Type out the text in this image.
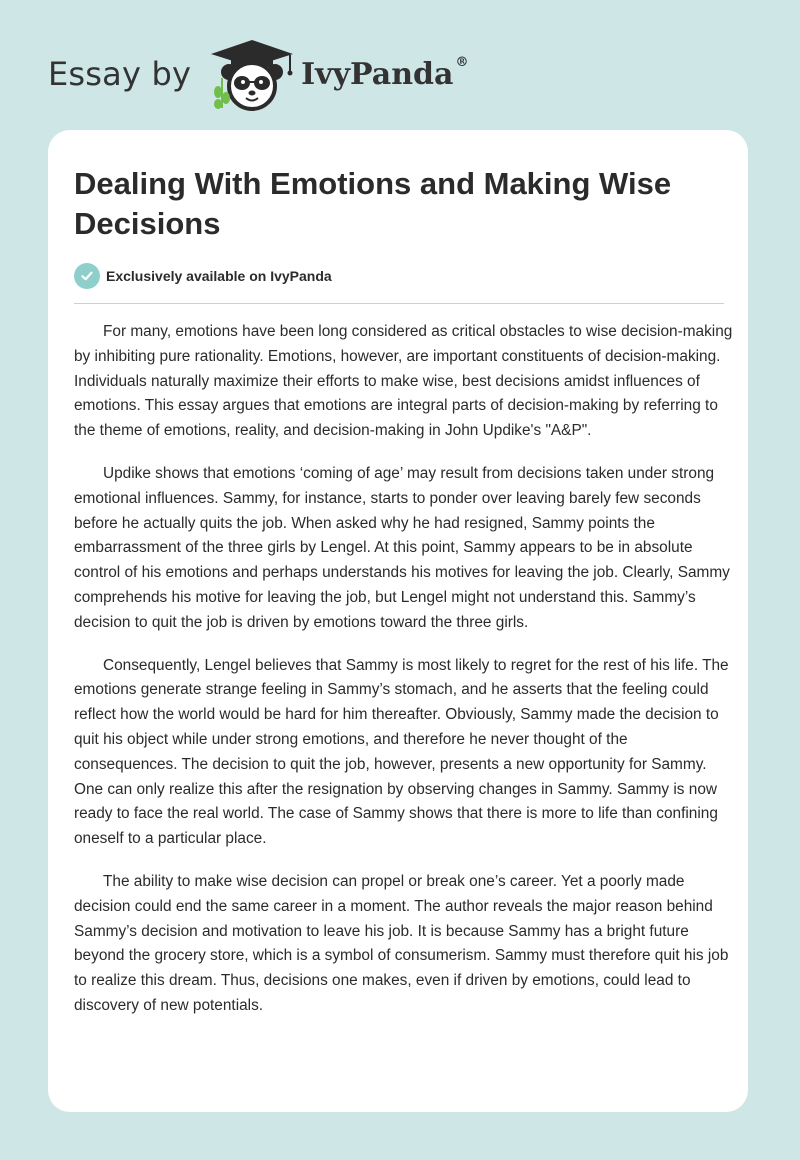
Essay by	IvyPanda ®
Dealing With Emotions and Making Wise Decisions
Exclusively available on IvyPanda

For many, emotions have been long considered as critical obstacles to wise decision-making by inhibiting pure rationality. Emotions, however, are important constituents of decision-making. Individuals naturally maximize their efforts to make wise, best decisions amidst influences of emotions. This essay argues that emotions are integral parts of decision-making by referring to the theme of emotions, reality, and decision-making in John Updike's "A&P".

Updike shows that emotions ‘coming of age’ may result from decisions taken under strong emotional influences. Sammy, for instance, starts to ponder over leaving barely few seconds before he actually quits the job. When asked why he had resigned, Sammy points the embarrassment of the three girls by Lengel. At this point, Sammy appears to be in absolute control of his emotions and perhaps understands his motives for leaving the job. Clearly, Sammy comprehends his motive for leaving the job, but Lengel might not understand this. Sammy’s decision to quit the job is driven by emotions toward the three girls.

Consequently, Lengel believes that Sammy is most likely to regret for the rest of his life. The emotions generate strange feeling in Sammy’s stomach, and he asserts that the feeling could reflect how the world would be hard for him thereafter. Obviously, Sammy made the decision to quit his object while under strong emotions, and therefore he never thought of the consequences. The decision to quit the job, however, presents a new opportunity for Sammy. One can only realize this after the resignation by observing changes in Sammy. Sammy is now ready to face the real world. The case of Sammy shows that there is more to life than confining oneself to a particular place.

The ability to make wise decision can propel or break one’s career. Yet a poorly made decision could end the same career in a moment. The author reveals the major reason behind Sammy’s decision and motivation to leave his job. It is because Sammy has a bright future beyond the grocery store, which is a symbol of consumerism. Sammy must therefore quit his job to realize this dream. Thus, decisions one makes, even if driven by emotions, could lead to discovery of new potentials.
